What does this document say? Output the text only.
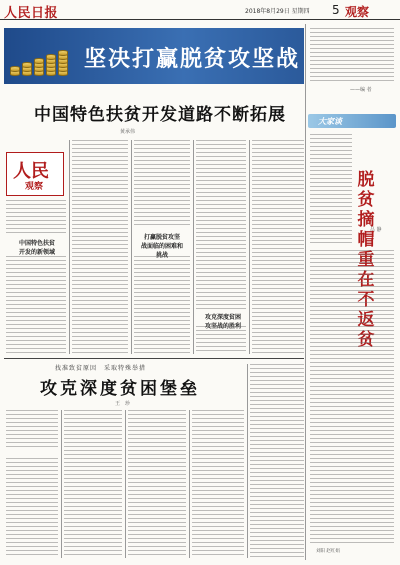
人民日报	2018年8月29日 星期四 5 观察
坚决打赢脱贫攻坚战
中国特色扶贫开发道路不断拓展
黄承伟
人民
观察
中国特色扶贫
开发的新领域
打赢脱贫攻坚
战面临的困难和
挑战
攻克深度贫困
攻坚战的胜利
找准致贫原因　采取特殊举措
攻克深度贫困堡垒
王　珍
——编 者
大家谈
脱贫摘帽重在不返贫
吕 静
刘阳 赵红娟
